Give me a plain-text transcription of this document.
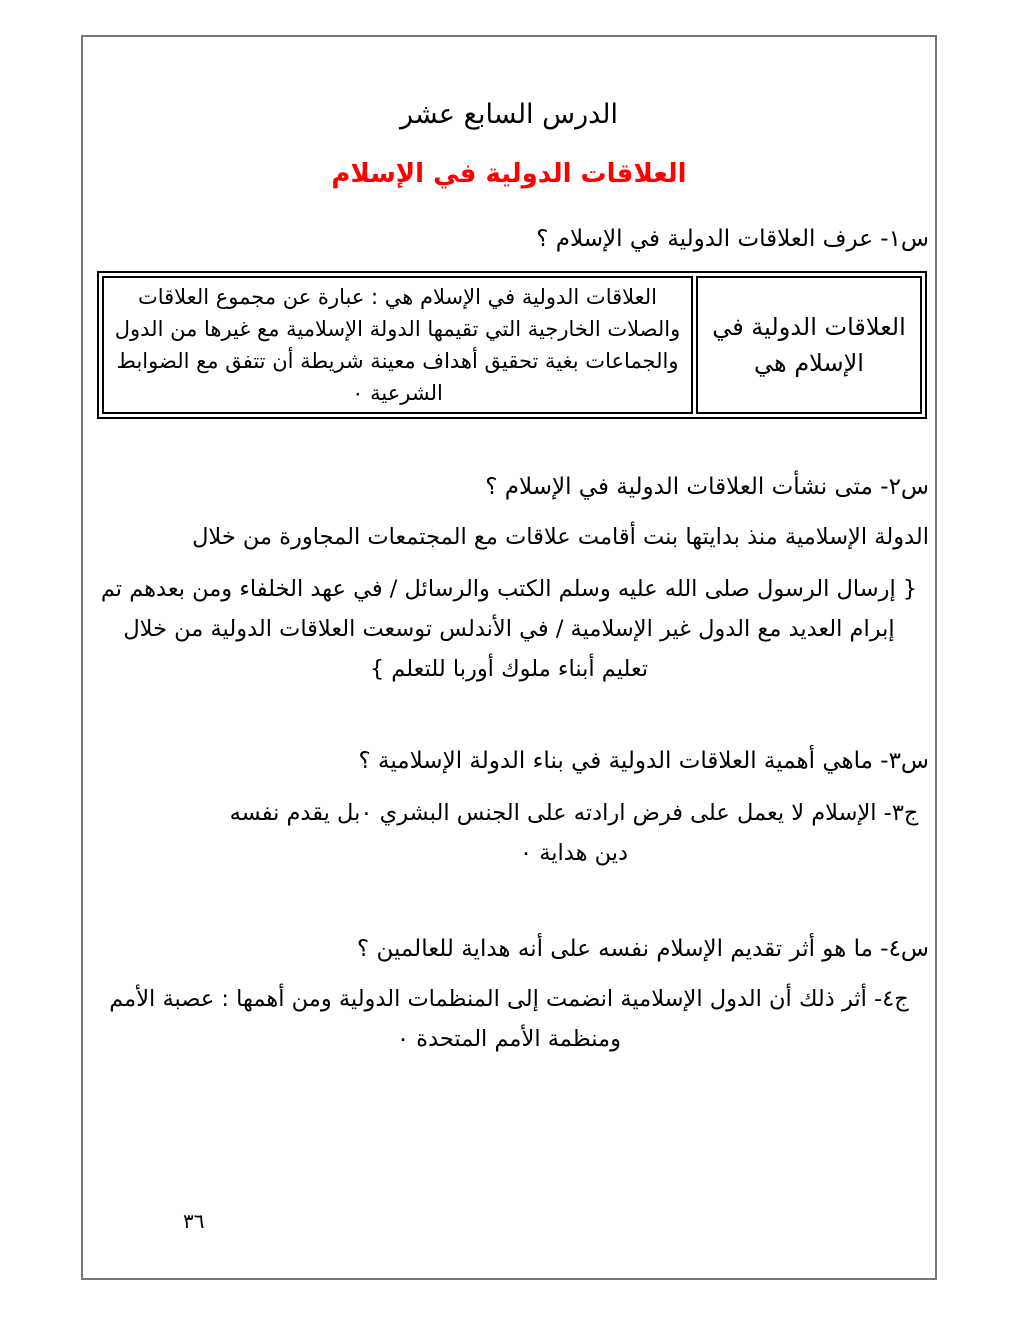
الدرس السابع عشر
العلاقات الدولية في الإسلام

س١- عرف العلاقات الدولية في الإسلام ؟

العلاقات الدولية في الإسلام هي	العلاقات الدولية في الإسلام هي : عبارة عن مجموع العلاقات والصلات الخارجية التي تقيمها الدولة الإسلامية مع غيرها من الدول والجماعات بغية تحقيق أهداف معينة شريطة أن تتفق مع الضوابط الشرعية ٠

س٢- متى نشأت العلاقات الدولية في الإسلام ؟

الدولة الإسلامية منذ بدايتها بنت أقامت علاقات مع المجتمعات المجاورة من خلال

{ إرسال الرسول صلى الله عليه وسلم الكتب والرسائل / في عهد الخلفاء ومن بعدهم تم إبرام العديد مع الدول غير الإسلامية / في الأندلس توسعت العلاقات الدولية من خلال تعليم أبناء ملوك أوربا للتعلم }

س٣- ماهي أهمية العلاقات الدولية في بناء الدولة الإسلامية ؟

ج٣- الإسلام لا يعمل على فرض ارادته على الجنس البشري ٠بل يقدم نفسه دين هداية ٠

س٤- ما هو أثر تقديم الإسلام نفسه على أنه هداية للعالمين ؟

ج٤- أثر ذلك أن الدول الإسلامية انضمت إلى المنظمات الدولية ومن أهمها : عصبة الأمم ومنظمة الأمم المتحدة ٠

٣٦
